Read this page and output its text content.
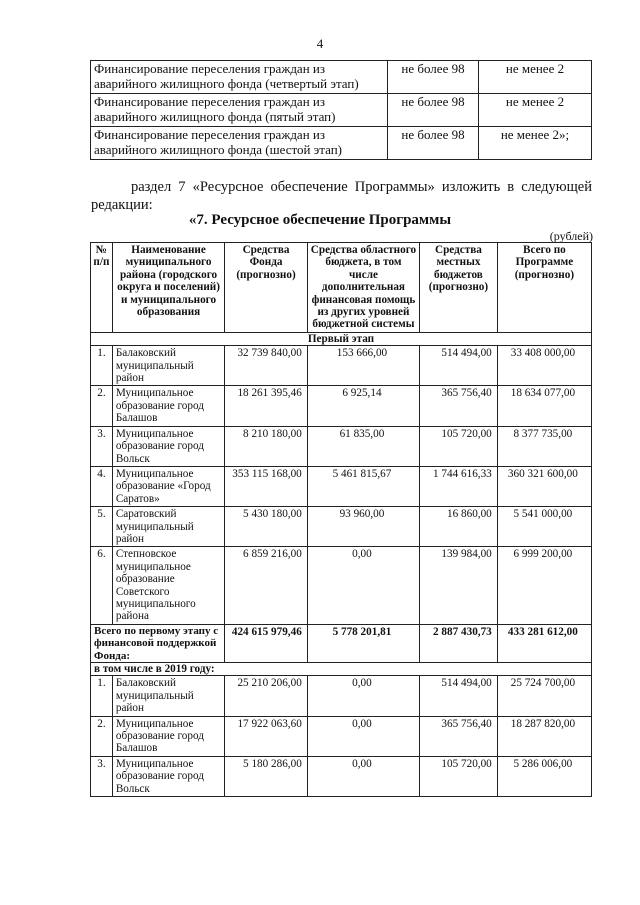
4
Финансирование переселения граждан из аварийного жилищного фонда (четвертый этап)	не более 98	не менее 2
Финансирование переселения граждан из аварийного жилищного фонда (пятый этап)	не более 98	не менее 2
Финансирование переселения граждан из аварийного жилищного фонда (шестой этап)	не более 98	не менее 2»;
раздел 7 «Ресурсное обеспечение Программы» изложить в следующей редакции:
«7. Ресурсное обеспечение Программы
(рублей)
№ п/п	Наименование муниципального района (городского округа и поселений) и муниципального образования	Средства Фонда (прогнозно)	Средства областного бюджета, в том числе дополнительная финансовая помощь из других уровней бюджетной системы	Средства местных бюджетов (прогнозно)	Всего по Программе (прогнозно)
Первый этап					
1.	Балаковский муниципальный район	32 739 840,00	153 666,00	514 494,00	33 408 000,00
2.	Муниципальное образование город Балашов	18 261 395,46	6 925,14	365 756,40	18 634 077,00
3.	Муниципальное образование город Вольск	8 210 180,00	61 835,00	105 720,00	8 377 735,00
4.	Муниципальное образование «Город Саратов»	353 115 168,00	5 461 815,67	1 744 616,33	360 321 600,00
5.	Саратовский муниципальный район	5 430 180,00	93 960,00	16 860,00	5 541 000,00
6.	Степновское муниципальное образование Советского муниципального района	6 859 216,00	0,00	139 984,00	6 999 200,00
Всего по первому этапу с финансовой поддержкой Фонда:		424 615 979,46	5 778 201,81	2 887 430,73	433 281 612,00
в том числе в 2019 году:					
1.	Балаковский муниципальный район	25 210 206,00	0,00	514 494,00	25 724 700,00
2.	Муниципальное образование город Балашов	17 922 063,60	0,00	365 756,40	18 287 820,00
3.	Муниципальное образование город Вольск	5 180 286,00	0,00	105 720,00	5 286 006,00
